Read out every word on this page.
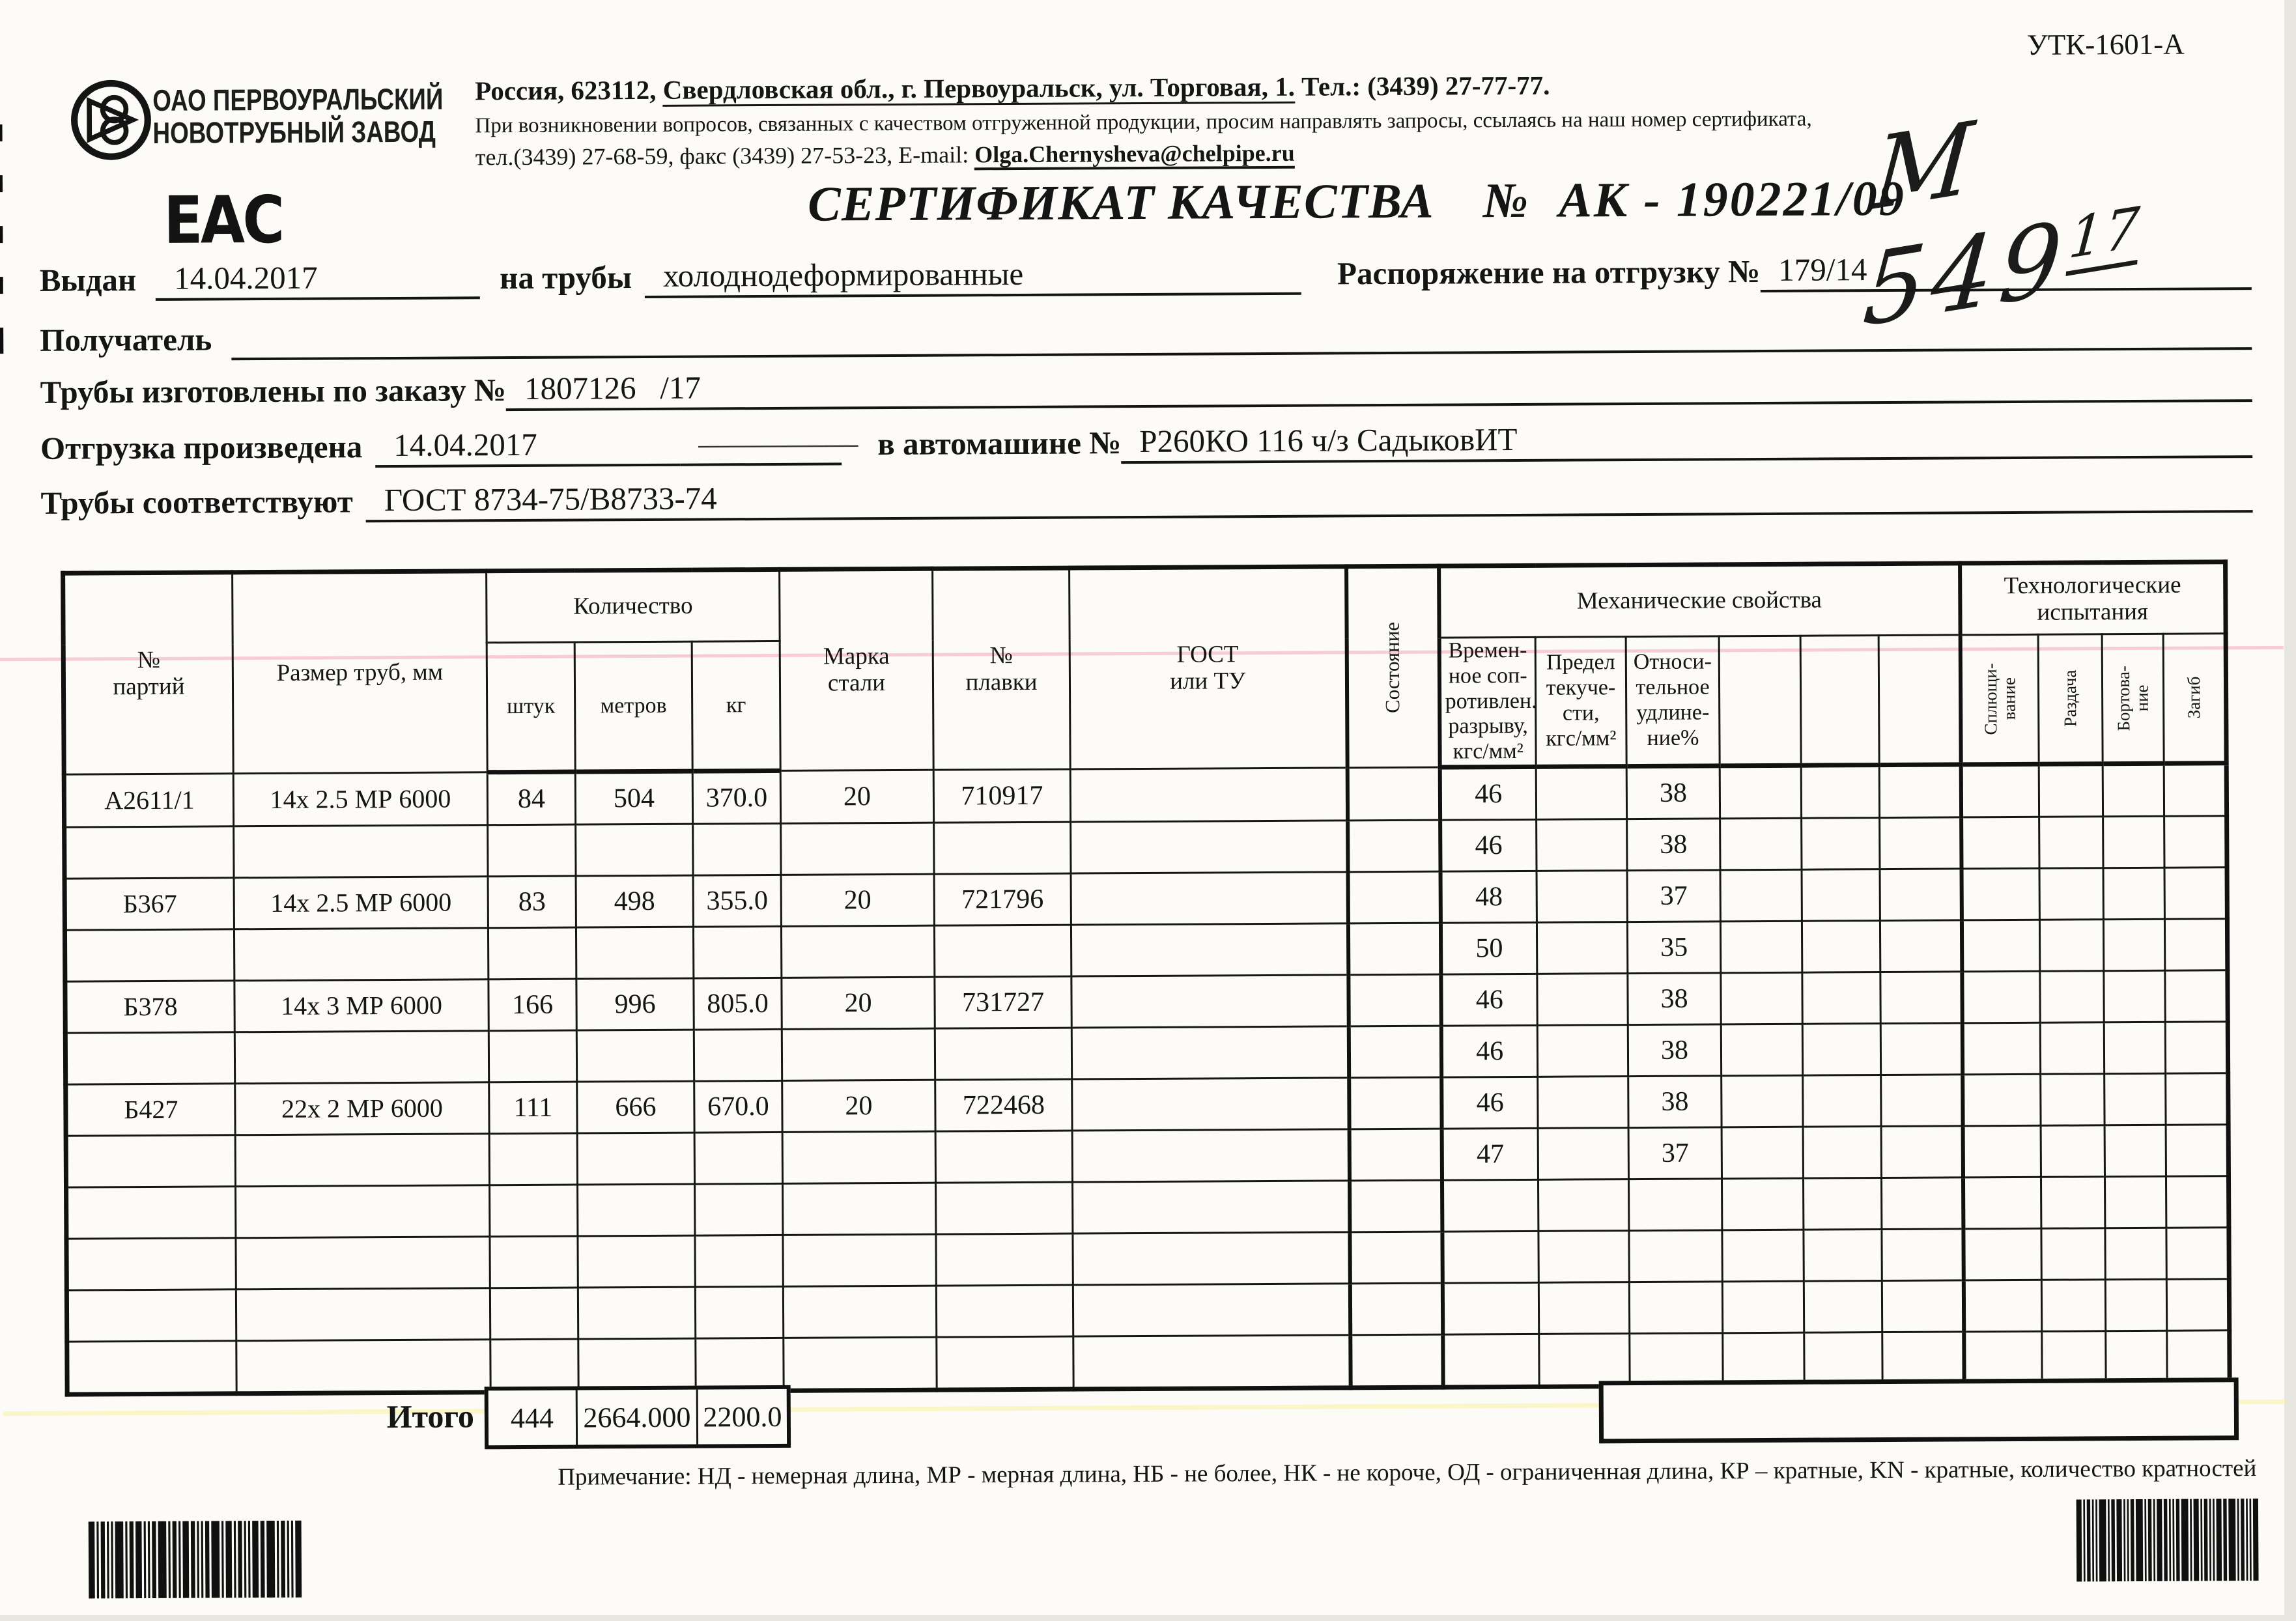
ОАО ПЕРВОУРАЛЬСКИЙ
НОВОТРУБНЫЙ ЗАВОД
ЕАС
Россия, 623112, Свердловская обл., г. Первоуральск, ул. Торговая, 1. Тел.: (3439) 27-77-77.
При возникновении вопросов, связанных с качеством отгруженной продукции, просим направлять запросы, ссылаясь на наш номер сертификата,
тел.(3439) 27-68-59, факс (3439) 27-53-23, E-mail: Olga.Chernysheva@chelpipe.ru
УТК-1601-А
М $549^{17}$
СЕРТИФИКАТ КАЧЕСТВА № АК - 190221/09
Выдан	14.04.2017	на трубы холоднодеформированные	Распоряжение на отгрузку № 179/14
Получатель
Трубы изготовлены по заказу № 1807126   /17
Отгрузка произведена 14.04.2017	————— в автомашине № Р260КО 116 ч/з СадыковИТ
Трубы соответствуют ГОСТ 8734-75/В8733-74
№
партий	Размер труб, мм	Количество			Марка
стали	№
плавки	ГОСТ
или ТУ	Состояние	Механические свойства						Технологические
испытания			
		штук	метров	кг					Времен-
ное соп-
ротивлен.
разрыву,
кгс/мм²	Предел
текуче-
сти,
кгс/мм²	Относи-
тельное
удлине-
ние%				Сплющи-
вание	Раздача	Бортова-
ние	Загиб

А2611/1	14х 2.5 МР 6000	84	504	370.0	20	710917			46		38							
									46		38							
Б367	14х 2.5 МР 6000	83	498	355.0	20	721796			48		37							
									50		35							
Б378	14х 3 МР 6000	166	996	805.0	20	731727			46		38							
									46		38							
Б427	22х 2 МР 6000	111	666	670.0	20	722468			46		38							
									47		37							

Итого	444	2664.000 2200.0
Примечание: НД - немерная длина, МР - мерная длина, НБ - не более, НК - не короче, ОД - ограниченная длина, КР – кратные, KN - кратные, количество кратностей
